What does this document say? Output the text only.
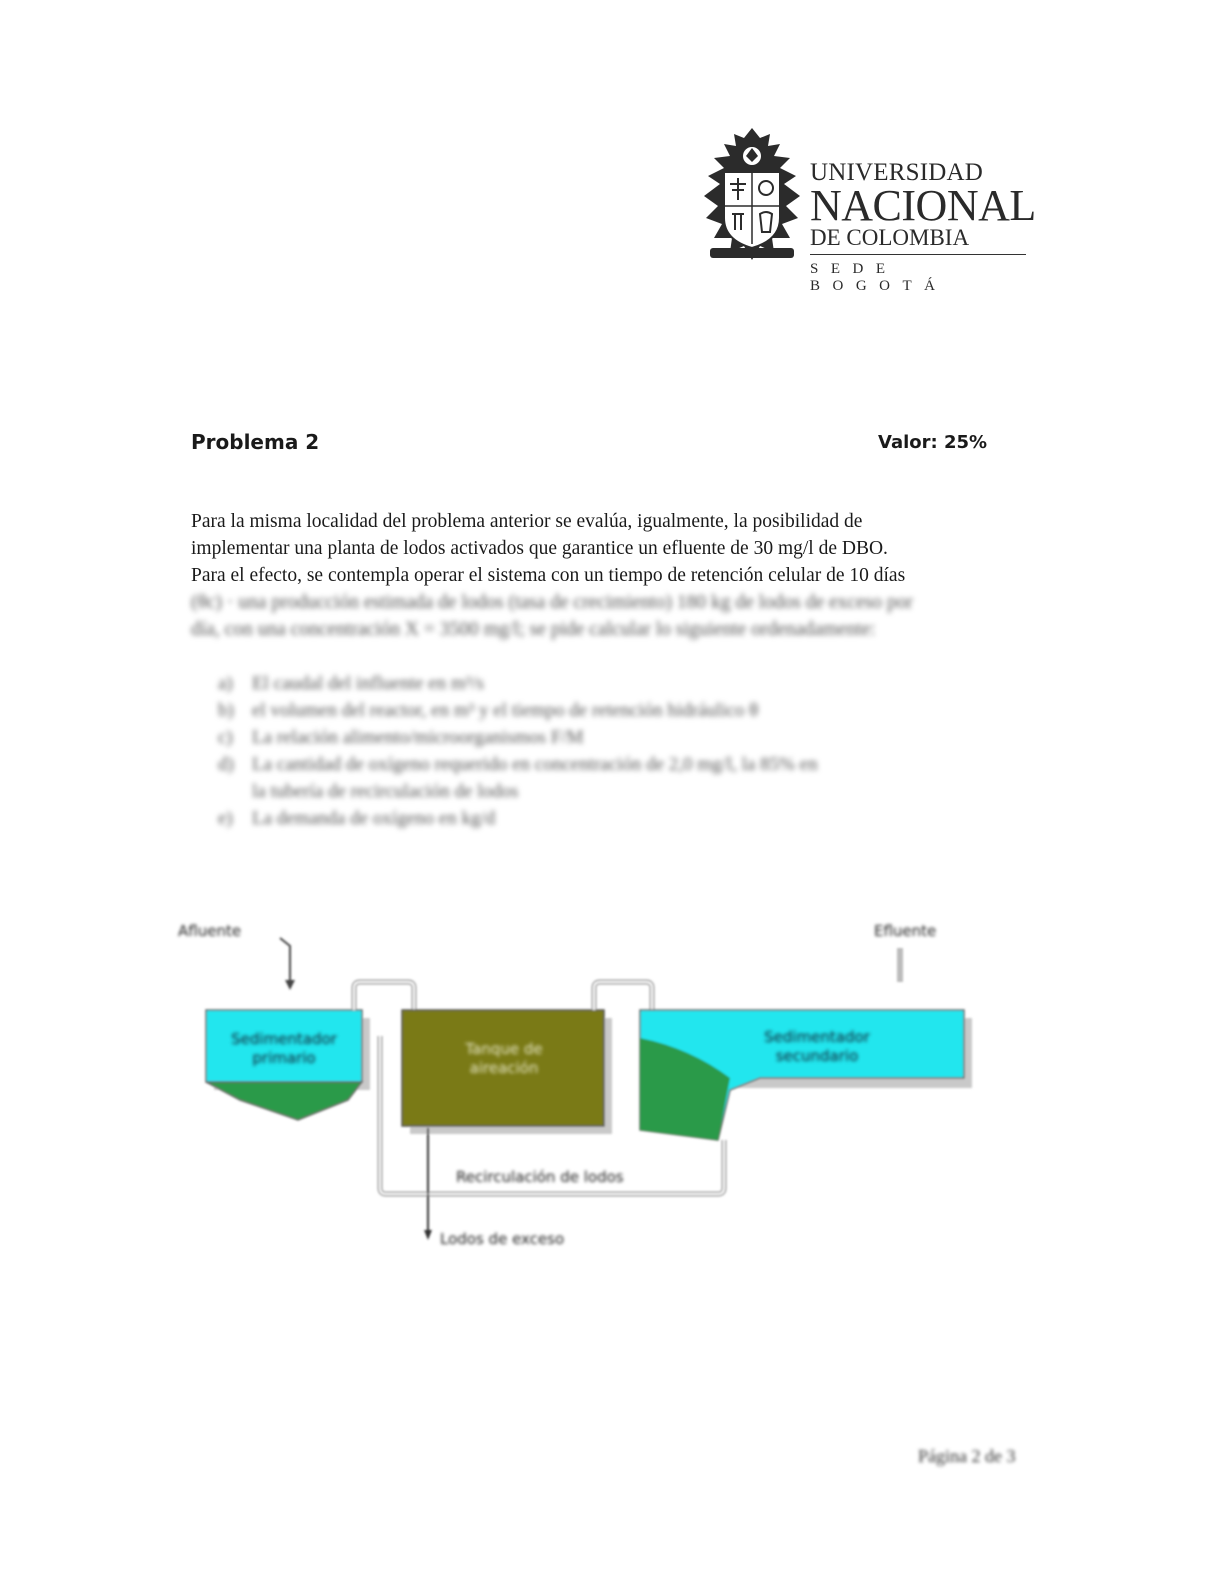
UNIVERSIDAD
NACIONAL
DE COLOMBIA
SEDE BOGOTÁ
Problema 2	Valor: 25%

Para la misma localidad del problema anterior se evalúa, igualmente, la posibilidad de

implementar una planta de lodos activados que garantice un efluente de 30 mg/l de DBO.

Para el efecto, se contempla operar el sistema con un tiempo de retención celular de 10 días

(θc) · una producción estimada de lodos (tasa de crecimiento) 180 kg de lodos de exceso por

día, con una concentración X = 3500 mg/l; se pide calcular lo siguiente ordenadamente:

a)	El caudal del influente en m³/s
b) el volumen del reactor, en m³ y el tiempo de retención hidráulico θ
c)	La relación alimento/microorganismos F/M
d) La cantidad de oxígeno requerido en concentración de 2,0 mg/l, la 85% en
la tubería de recirculación de lodos
e)	La demanda de oxígeno en kg/d
Afluente	Efluente
Sedimentador primario	Tanque de aireación
Sedimentador secundario
Recirculación de lodos
Lodos de exceso
Página 2 de 3
